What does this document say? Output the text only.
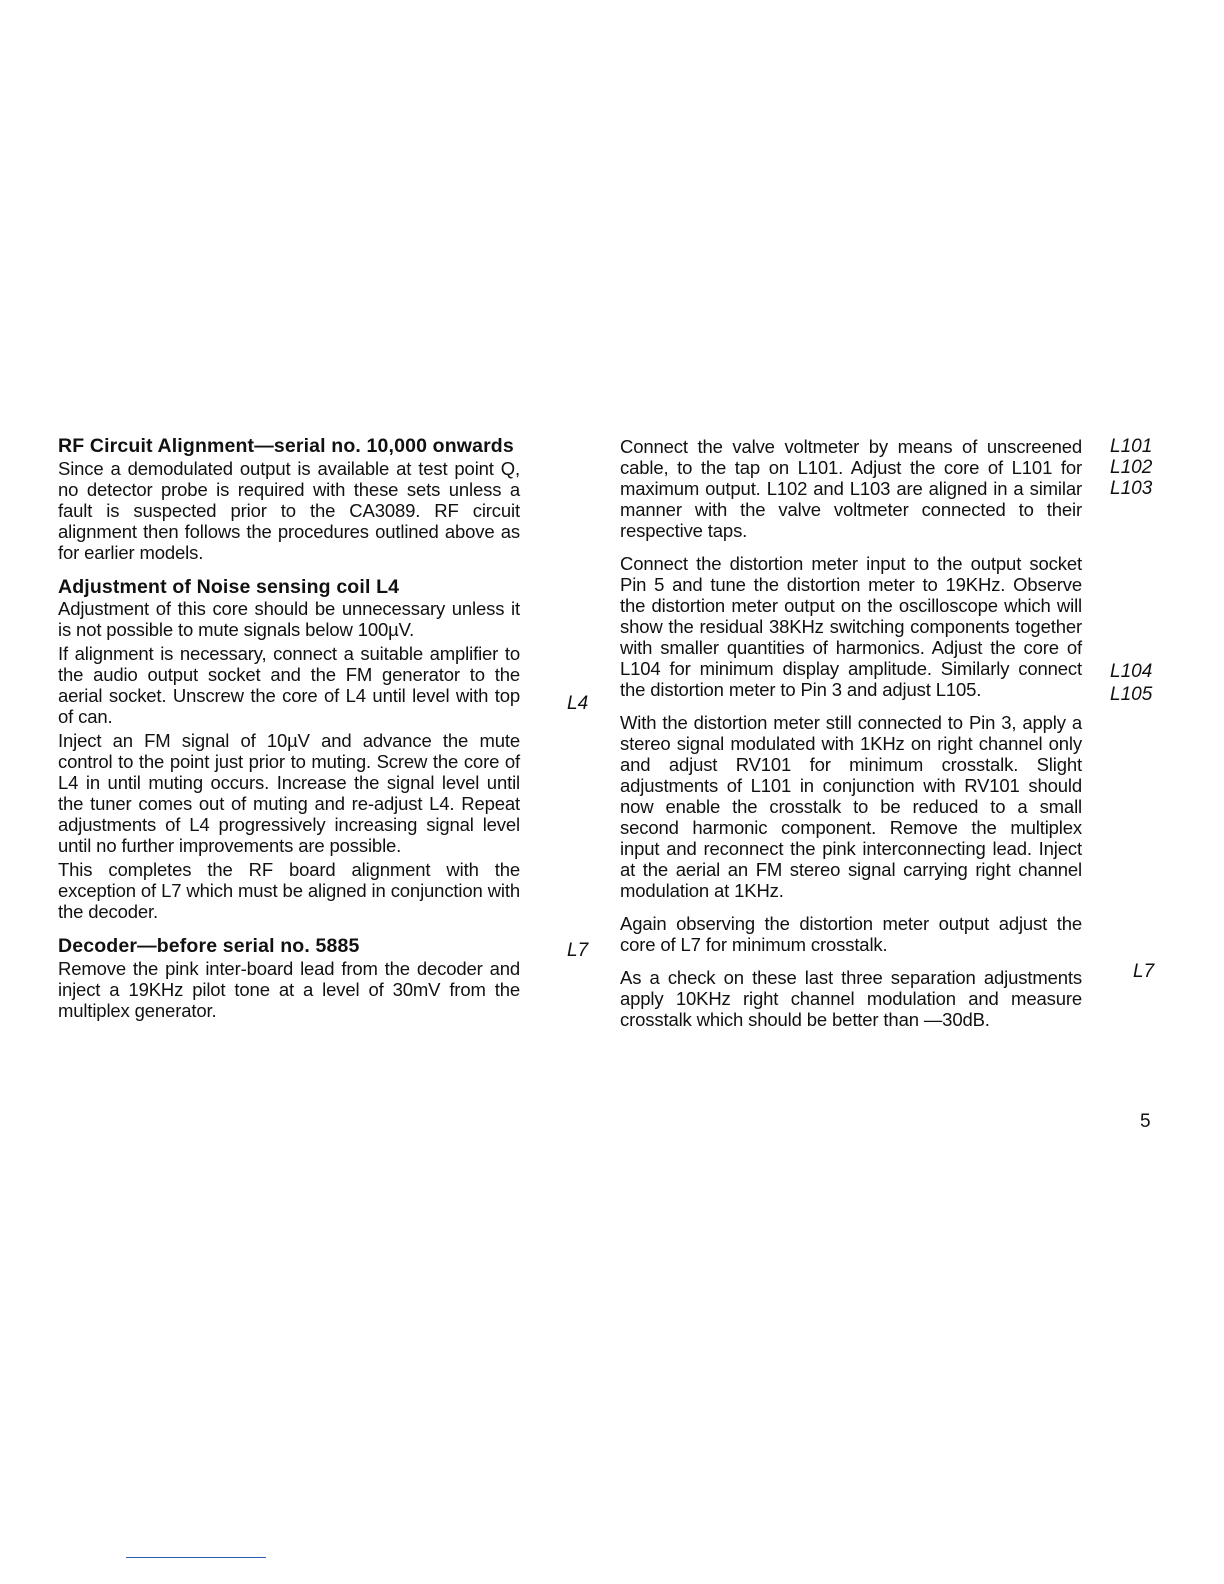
RF Circuit Alignment—serial no. 10,000 onwards

Since a demodulated output is available at test point Q, no detector probe is required with these sets unless a fault is suspected prior to the CA3089. RF circuit alignment then follows the procedures outlined above as for earlier models.

Adjustment of Noise sensing coil L4

Adjustment of this core should be unnecessary unless it is not possible to mute signals below 100µV.

If alignment is necessary, connect a suitable amplifier to the audio output socket and the FM generator to the aerial socket. Unscrew the core of L4 until level with top of can.

Inject an FM signal of 10µV and advance the mute control to the point just prior to muting. Screw the core of L4 in until muting occurs. Increase the signal level until the tuner comes out of muting and re-adjust L4. Repeat adjustments of L4 progressively increasing signal level until no further improvements are possible.

This completes the RF board alignment with the exception of L7 which must be aligned in conjunction with the decoder.

Decoder—before serial no. 5885

Remove the pink inter-board lead from the decoder and inject a 19KHz pilot tone at a level of 30mV from the multiplex generator.

Connect the valve voltmeter by means of unscreened cable, to the tap on L101. Adjust the core of L101 for maximum output. L102 and L103 are aligned in a similar manner with the valve voltmeter connected to their respective taps.

Connect the distortion meter input to the output socket Pin 5 and tune the distortion meter to 19KHz. Observe the distortion meter output on the oscilloscope which will show the residual 38KHz switching components together with smaller quantities of harmonics. Adjust the core of L104 for minimum display amplitude. Similarly connect the distortion meter to Pin 3 and adjust L105.

With the distortion meter still connected to Pin 3, apply a stereo signal modulated with 1KHz on right channel only and adjust RV101 for minimum crosstalk. Slight adjustments of L101 in conjunction with RV101 should now enable the crosstalk to be reduced to a small second harmonic component. Remove the multiplex input and reconnect the pink interconnecting lead. Inject at the aerial an FM stereo signal carrying right channel modulation at 1KHz.

Again observing the distortion meter output adjust the core of L7 for minimum crosstalk.

As a check on these last three separation adjustments apply 10KHz right channel modulation and measure crosstalk which should be better than —30dB.

L4
L7
L101
L102
L103
L104
L105
L7
5
